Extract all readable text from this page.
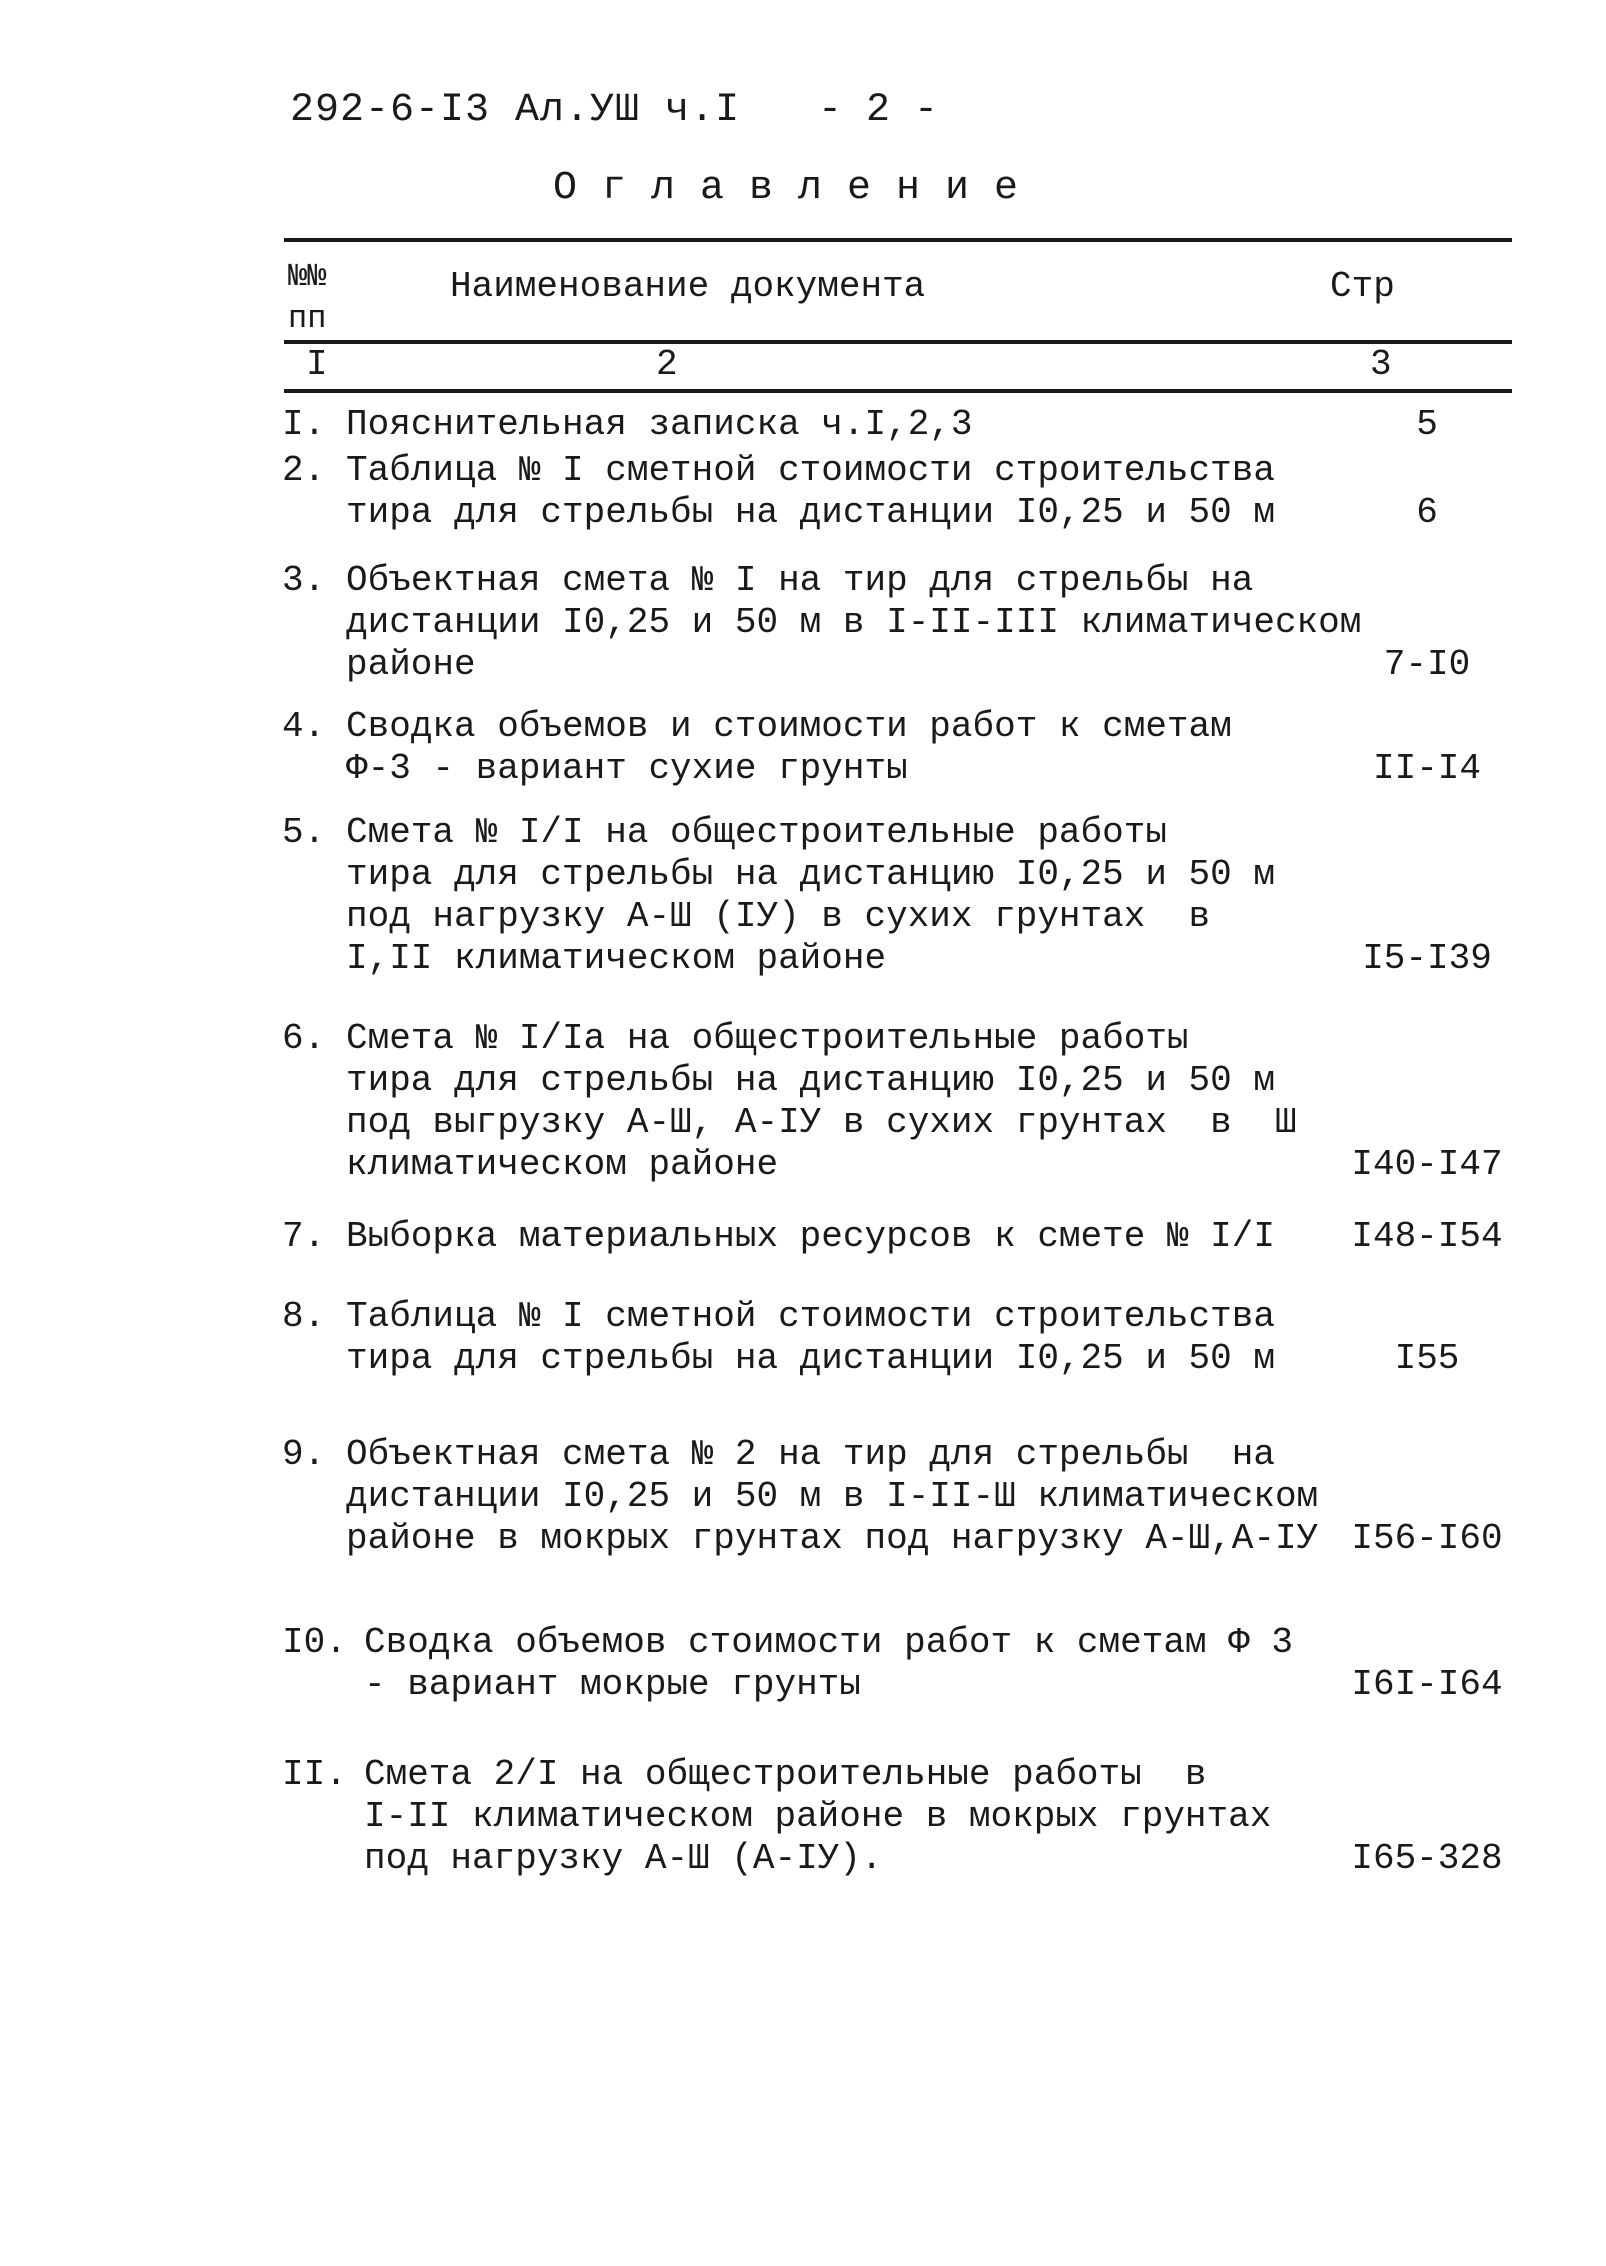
292-6-I3 Ал.УШ ч.I - 2 -
Оглавление
№№
пп
Наименование документа	Стр
I	2	3
I. Пояснительная записка ч.I,2,3	5
2. Таблица № I сметной стоимости строительства
тира для стрельбы на дистанции I0,25 и 50 м	6
3. Объектная смета № I на тир для стрельбы на
дистанции I0,25 и 50 м в I-II-III климатическом
районе	7-I0
4. Сводка объемов и стоимости работ к сметам
Ф-3 - вариант сухие грунты	II-I4
5. Смета № I/I на общестроительные работы
тира для стрельбы на дистанцию I0,25 и 50 м
под нагрузку А-Ш (IУ) в сухих грунтах  в
I,II климатическом районе	I5-I39
6. Смета № I/Iа на общестроительные работы
тира для стрельбы на дистанцию I0,25 и 50 м
под выгрузку А-Ш, А-IУ в сухих грунтах  в  Ш
климатическом районе	I40-I47
7. Выборка материальных ресурсов к смете № I/I I48-I54
8. Таблица № I сметной стоимости строительства
тира для стрельбы на дистанции I0,25 и 50 м	I55
9. Объектная смета № 2 на тир для стрельбы  на
дистанции I0,25 и 50 м в I-II-Ш климатическом
районе в мокрых грунтах под нагрузку А-Ш,А-IУ I56-I60
I0. Сводка объемов стоимости работ к сметам Ф 3
- вариант мокрые грунты	I6I-I64
II. Смета 2/I на общестроительные работы  в
I-II климатическом районе в мокрых грунтах
под нагрузку А-Ш (А-IУ).	I65-328
